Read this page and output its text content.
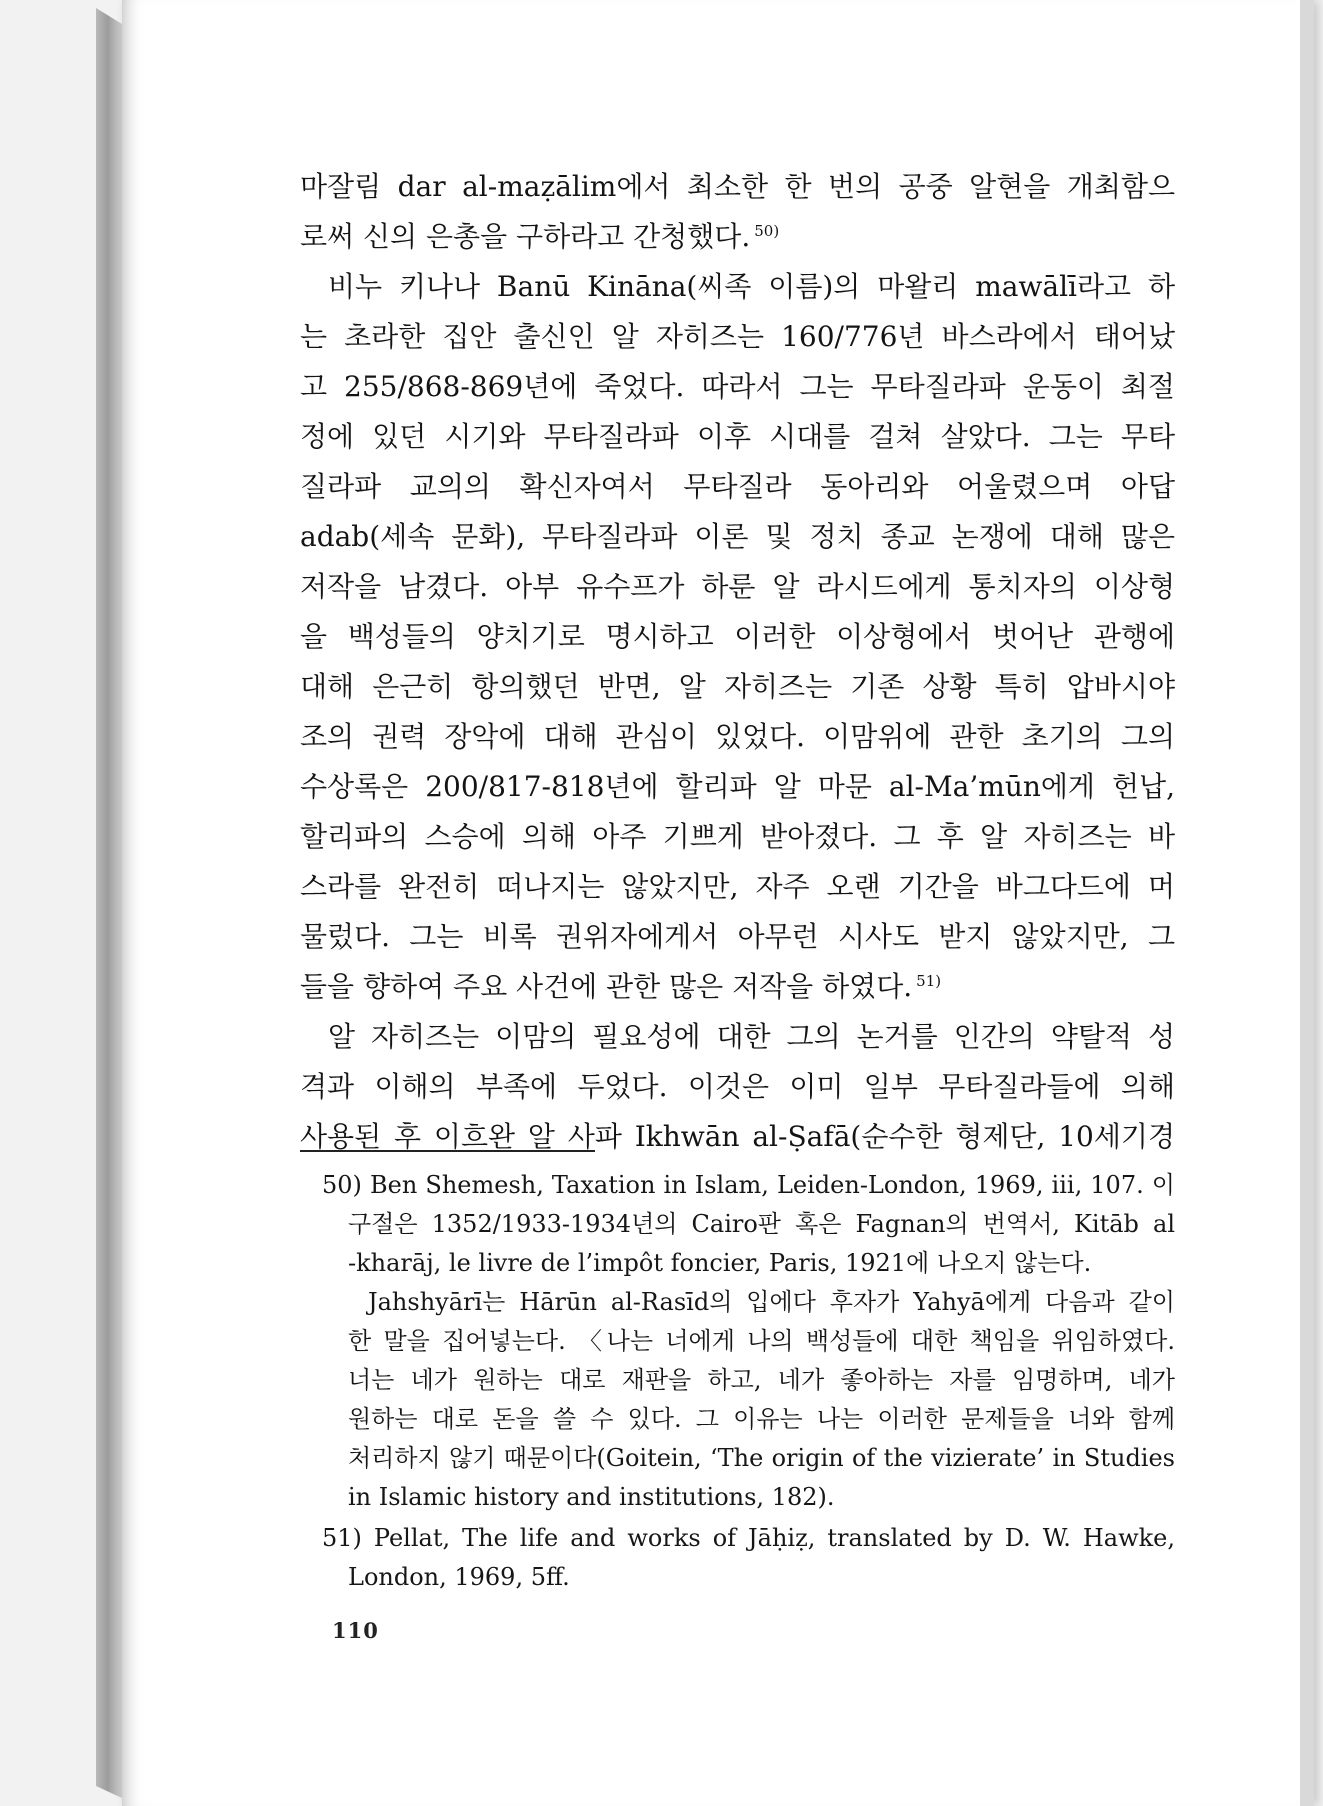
마잘림 dar al-maẓālim에서 최소한 한 번의 공중 알현을 개최함으
로써 신의 은총을 구하라고 간청했다. $^{50)}$
비누 키나나 Banū Kināna(씨족 이름)의 마왈리 mawālī라고 하
는 초라한 집안 출신인 알 자히즈는 160/776년 바스라에서 태어났
고 255/868-869년에 죽었다. 따라서 그는 무타질라파 운동이 최절
정에 있던 시기와 무타질라파 이후 시대를 걸쳐 살았다. 그는 무타
질라파 교의의 확신자여서 무타질라 동아리와 어울렸으며 아답
adab(세속 문화), 무타질라파 이론 및 정치 종교 논쟁에 대해 많은
저작을 남겼다. 아부 유수프가 하룬 알 라시드에게 통치자의 이상형
을 백성들의 양치기로 명시하고 이러한 이상형에서 벗어난 관행에
대해 은근히 항의했던 반면, 알 자히즈는 기존 상황 특히 압바시야
조의 권력 장악에 대해 관심이 있었다. 이맘위에 관한 초기의 그의
수상록은 200/817-818년에 할리파 알 마문 al-Ma’mūn에게 헌납,
할리파의 스승에 의해 아주 기쁘게 받아졌다. 그 후 알 자히즈는 바
스라를 완전히 떠나지는 않았지만, 자주 오랜 기간을 바그다드에 머
물렀다. 그는 비록 권위자에게서 아무런 시사도 받지 않았지만, 그
들을 향하여 주요 사건에 관한 많은 저작을 하였다. $^{51)}$
알 자히즈는 이맘의 필요성에 대한 그의 논거를 인간의 약탈적 성
격과 이해의 부족에 두었다. 이것은 이미 일부 무타질라들에 의해
사용된 후 이흐완 알 사파 Ikhwān al-Ṣafā(순수한 형제단, 10세기경
50) Ben Shemesh, Taxation in Islam, Leiden-London, 1969, iii, 107. 이
구절은 1352/1933-1934년의 Cairo판 혹은 Fagnan의 번역서, Kitāb al
-kharāj, le livre de l’impôt foncier, Paris, 1921에 나오지 않는다.
Jahshyārī는 Hārūn al-Rasīd의 입에다 후자가 Yahyā에게 다음과 같이
한 말을 집어넣는다. 〈나는 너에게 나의 백성들에 대한 책임을 위임하였다.
너는 네가 원하는 대로 재판을 하고, 네가 좋아하는 자를 임명하며, 네가
원하는 대로 돈을 쓸 수 있다. 그 이유는 나는 이러한 문제들을 너와 함께
처리하지 않기 때문이다(Goitein, ‘The origin of the vizierate’ in Studies
in Islamic history and institutions, 182).
51) Pellat, The life and works of Jāḥiẓ, translated by D. W. Hawke,
London, 1969, 5ff.
110
